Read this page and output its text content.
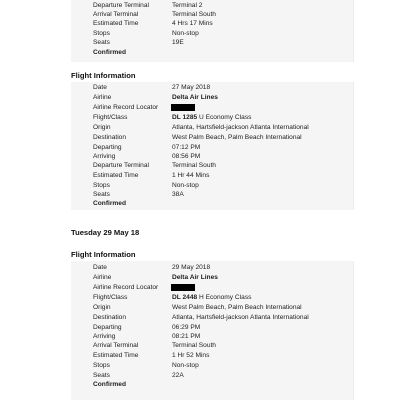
Departure Terminal	Terminal 2
Arrival Terminal	Terminal South
Estimated Time	4 Hrs 17 Mins
Stops	Non-stop
Seats	19E
Confirmed
Flight Information
Date	27 May 2018
Airline	Delta Air Lines
Airline Record Locator
Flight/Class	DL 1285 U Economy Class
Origin	Atlanta, Hartsfield-jackson Atlanta International
Destination	West Palm Beach, Palm Beach International
Departing	07:12 PM
Arriving	08:56 PM
Departure Terminal	Terminal South
Estimated Time	1 Hr 44 Mins
Stops	Non-stop
Seats	38A
Confirmed
Tuesday 29 May 18
Flight Information
Date	29 May 2018
Airline	Delta Air Lines
Airline Record Locator
Flight/Class	DL 2448 H Economy Class
Origin	West Palm Beach, Palm Beach International
Destination	Atlanta, Hartsfield-jackson Atlanta International
Departing	06:29 PM
Arriving	08:21 PM
Arrival Terminal	Terminal South
Estimated Time	1 Hr 52 Mins
Stops	Non-stop
Seats	22A
Confirmed
